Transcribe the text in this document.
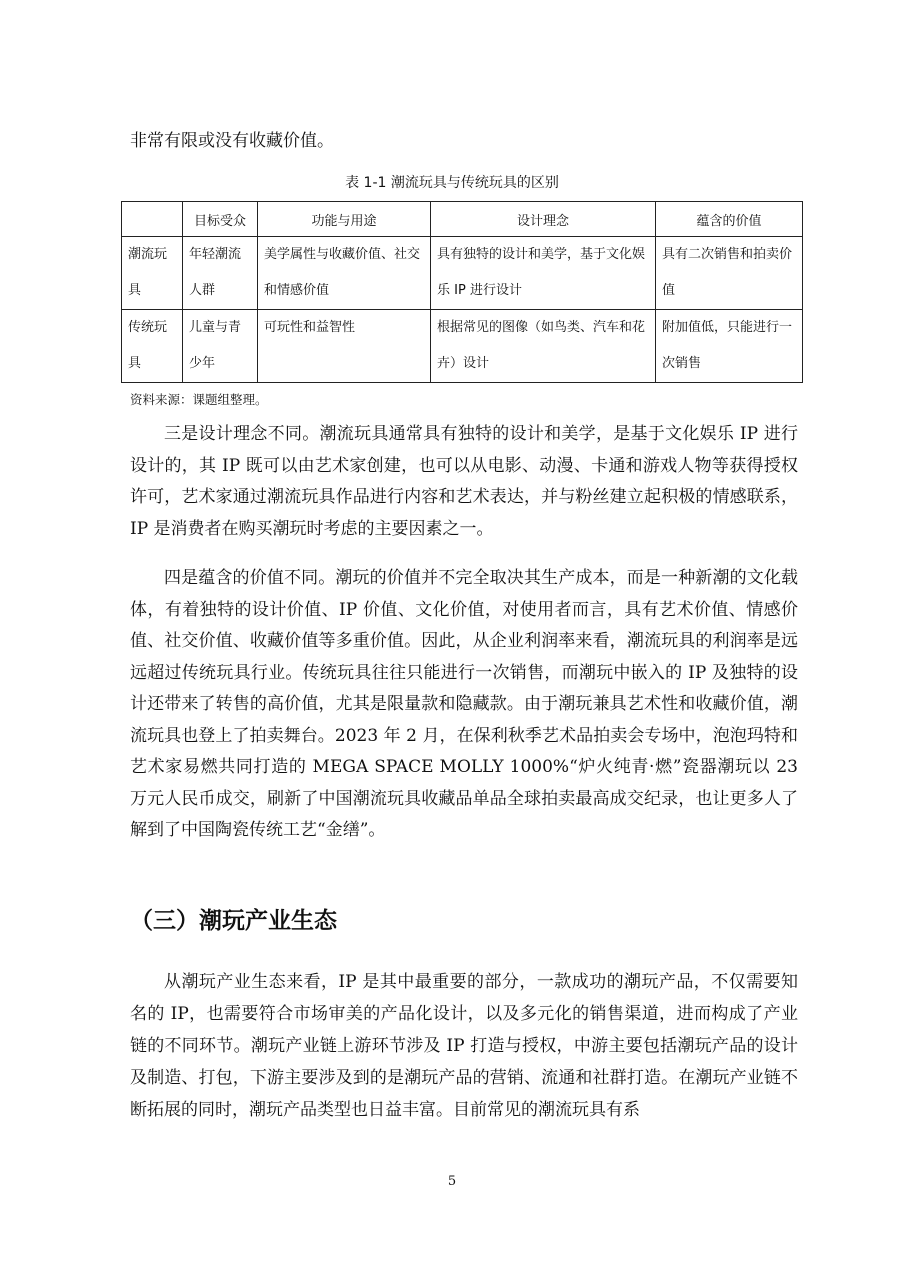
非常有限或没有收藏价值。
表 1-1 潮流玩具与传统玩具的区别
	目标受众	功能与用途	设计理念	蕴含的价值
潮流玩具	年轻潮流人群	美学属性与收藏价值、社交和情感价值	具有独特的设计和美学，基于文化娱乐 IP 进行设计	具有二次销售和拍卖价值
传统玩具	儿童与青少年	可玩性和益智性	根据常见的图像（如鸟类、汽车和花卉）设计	附加值低，只能进行一次销售
资料来源：课题组整理。

三是设计理念不同。潮流玩具通常具有独特的设计和美学，是基于文化娱乐 IP 进行设计的，其 IP 既可以由艺术家创建，也可以从电影、动漫、卡通和游戏人物等获得授权许可，艺术家通过潮流玩具作品进行内容和艺术表达，并与粉丝建立起积极的情感联系，IP 是消费者在购买潮玩时考虑的主要因素之一。

四是蕴含的价值不同。潮玩的价值并不完全取决其生产成本，而是一种新潮的文化载体，有着独特的设计价值、IP 价值、文化价值，对使用者而言，具有艺术价值、情感价值、社交价值、收藏价值等多重价值。因此，从企业利润率来看，潮流玩具的利润率是远远超过传统玩具行业。传统玩具往往只能进行一次销售，而潮玩中嵌入的 IP 及独特的设计还带来了转售的高价值，尤其是限量款和隐藏款。由于潮玩兼具艺术性和收藏价值，潮流玩具也登上了拍卖舞台。2023 年 2 月，在保利秋季艺术品拍卖会专场中，泡泡玛特和艺术家易燃共同打造的 MEGA SPACE MOLLY 1000%“炉火纯青·燃”瓷器潮玩以 23 万元人民币成交，刷新了中国潮流玩具收藏品单品全球拍卖最高成交纪录，也让更多人了解到了中国陶瓷传统工艺“金缮”。

（三）潮玩产业生态

从潮玩产业生态来看，IP 是其中最重要的部分，一款成功的潮玩产品，不仅需要知名的 IP，也需要符合市场审美的产品化设计，以及多元化的销售渠道，进而构成了产业链的不同环节。潮玩产业链上游环节涉及 IP 打造与授权，中游主要包括潮玩产品的设计及制造、打包，下游主要涉及到的是潮玩产品的营销、流通和社群打造。在潮玩产业链不断拓展的同时，潮玩产品类型也日益丰富。目前常见的潮流玩具有系

5
